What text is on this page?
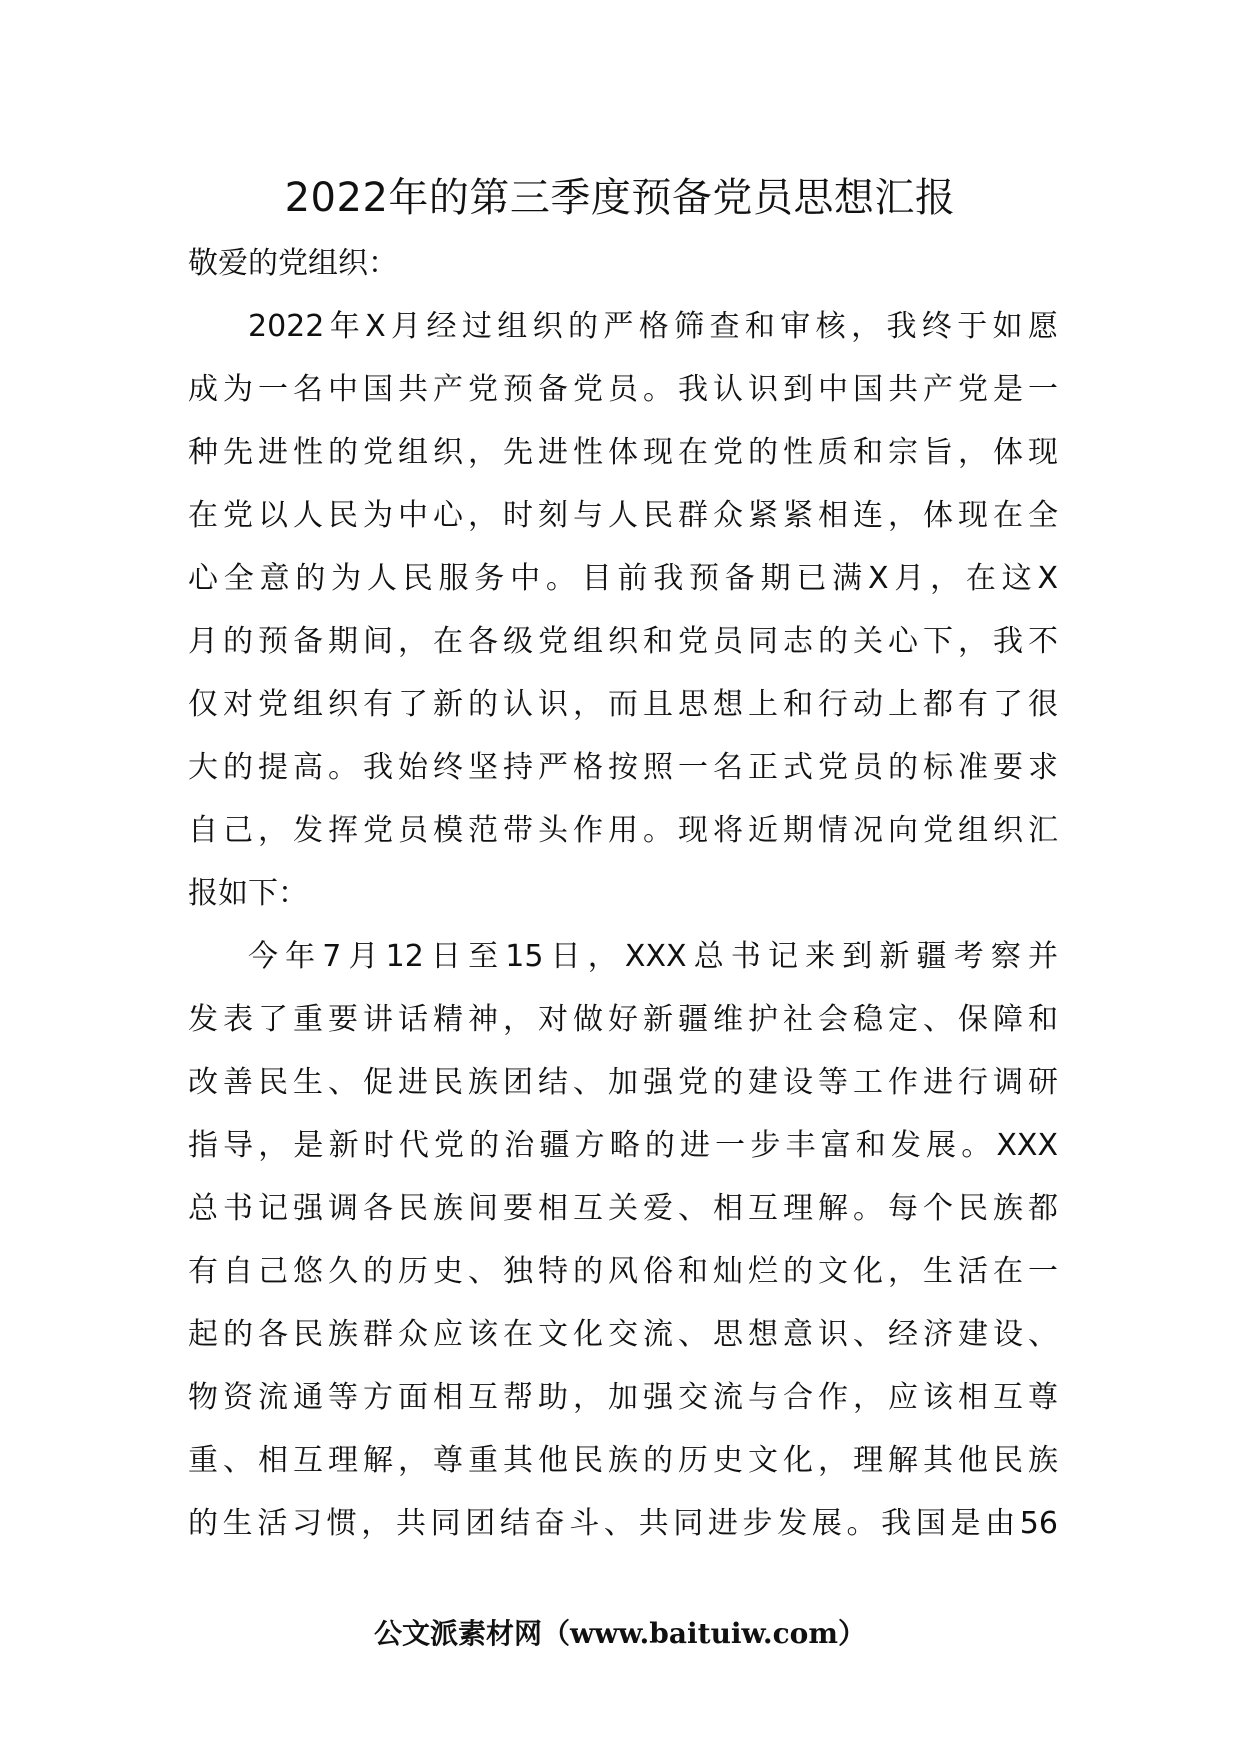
2022年的第三季度预备党员思想汇报

敬爱的党组织：

2022年X月经过组织的严格筛查和审核，我终于如愿
成为一名中国共产党预备党员。我认识到中国共产党是一
种先进性的党组织，先进性体现在党的性质和宗旨，体现
在党以人民为中心，时刻与人民群众紧紧相连，体现在全
心全意的为人民服务中。目前我预备期已满X月，在这X
月的预备期间，在各级党组织和党员同志的关心下，我不
仅对党组织有了新的认识，而且思想上和行动上都有了很
大的提高。我始终坚持严格按照一名正式党员的标准要求
自己，发挥党员模范带头作用。现将近期情况向党组织汇
报如下：

今年7月12日至15日，XXX总书记来到新疆考察并
发表了重要讲话精神，对做好新疆维护社会稳定、保障和
改善民生、促进民族团结、加强党的建设等工作进行调研
指导，是新时代党的治疆方略的进一步丰富和发展。XXX
总书记强调各民族间要相互关爱、相互理解。每个民族都
有自己悠久的历史、独特的风俗和灿烂的文化，生活在一
起的各民族群众应该在文化交流、思想意识、经济建设、
物资流通等方面相互帮助，加强交流与合作，应该相互尊
重、相互理解，尊重其他民族的历史文化，理解其他民族
的生活习惯，共同团结奋斗、共同进步发展。我国是由56

公文派素材网（www.baituiw.com）
